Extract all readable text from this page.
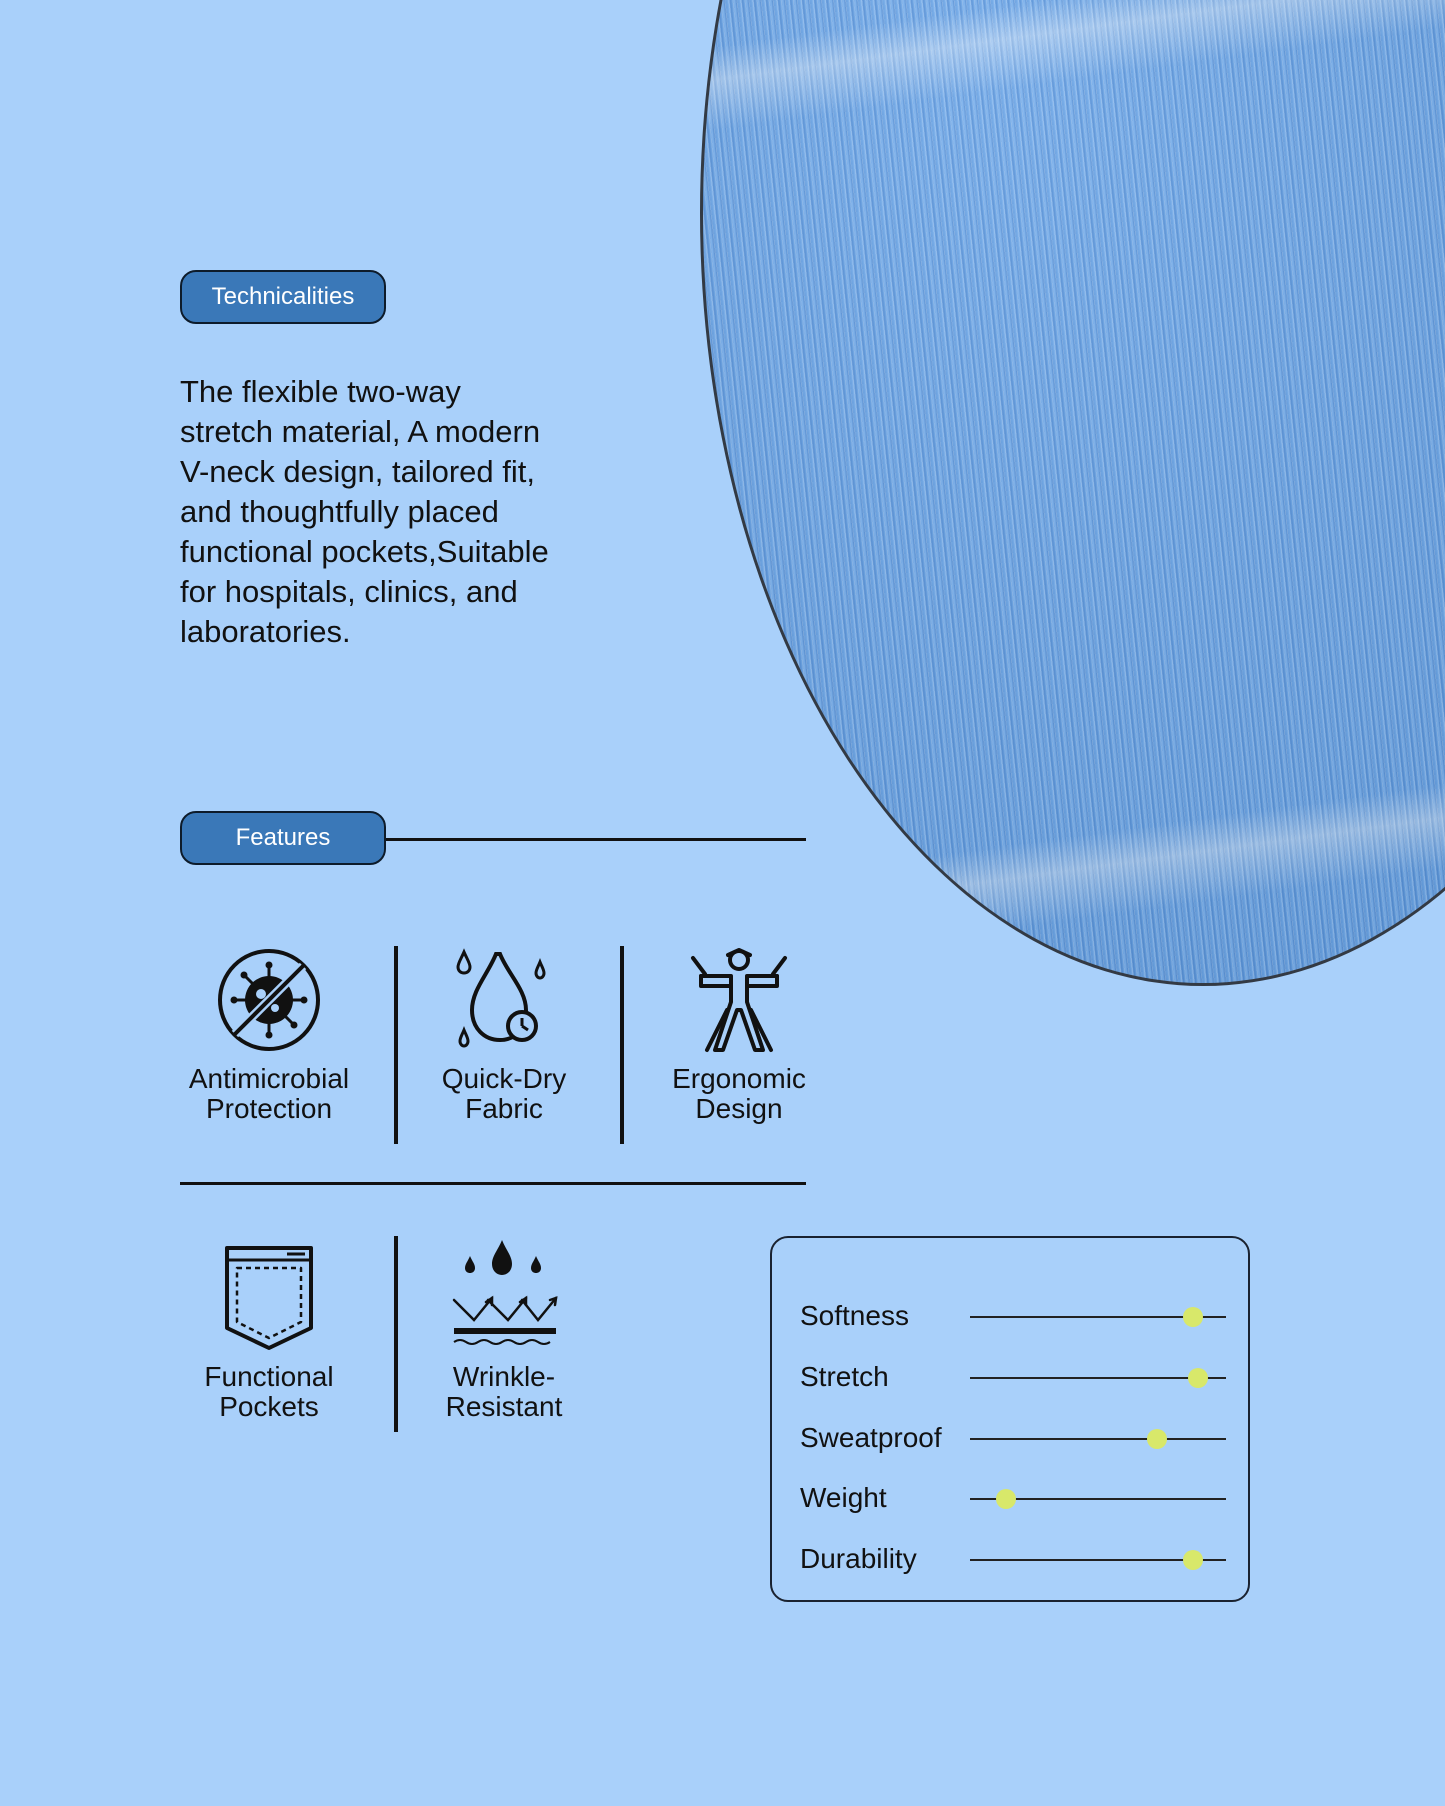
Technicalities
The flexible two-way
stretch material, A modern
V-neck design, tailored fit,
and thoughtfully placed
functional pockets,Suitable
for hospitals, clinics, and
laboratories.
Features
Antimicrobial
Protection
Quick-Dry
Fabric
Ergonomic
Design
Functional
Pockets
Wrinkle-
Resistant
Softness
Stretch
Sweatproof
Weight
Durability
